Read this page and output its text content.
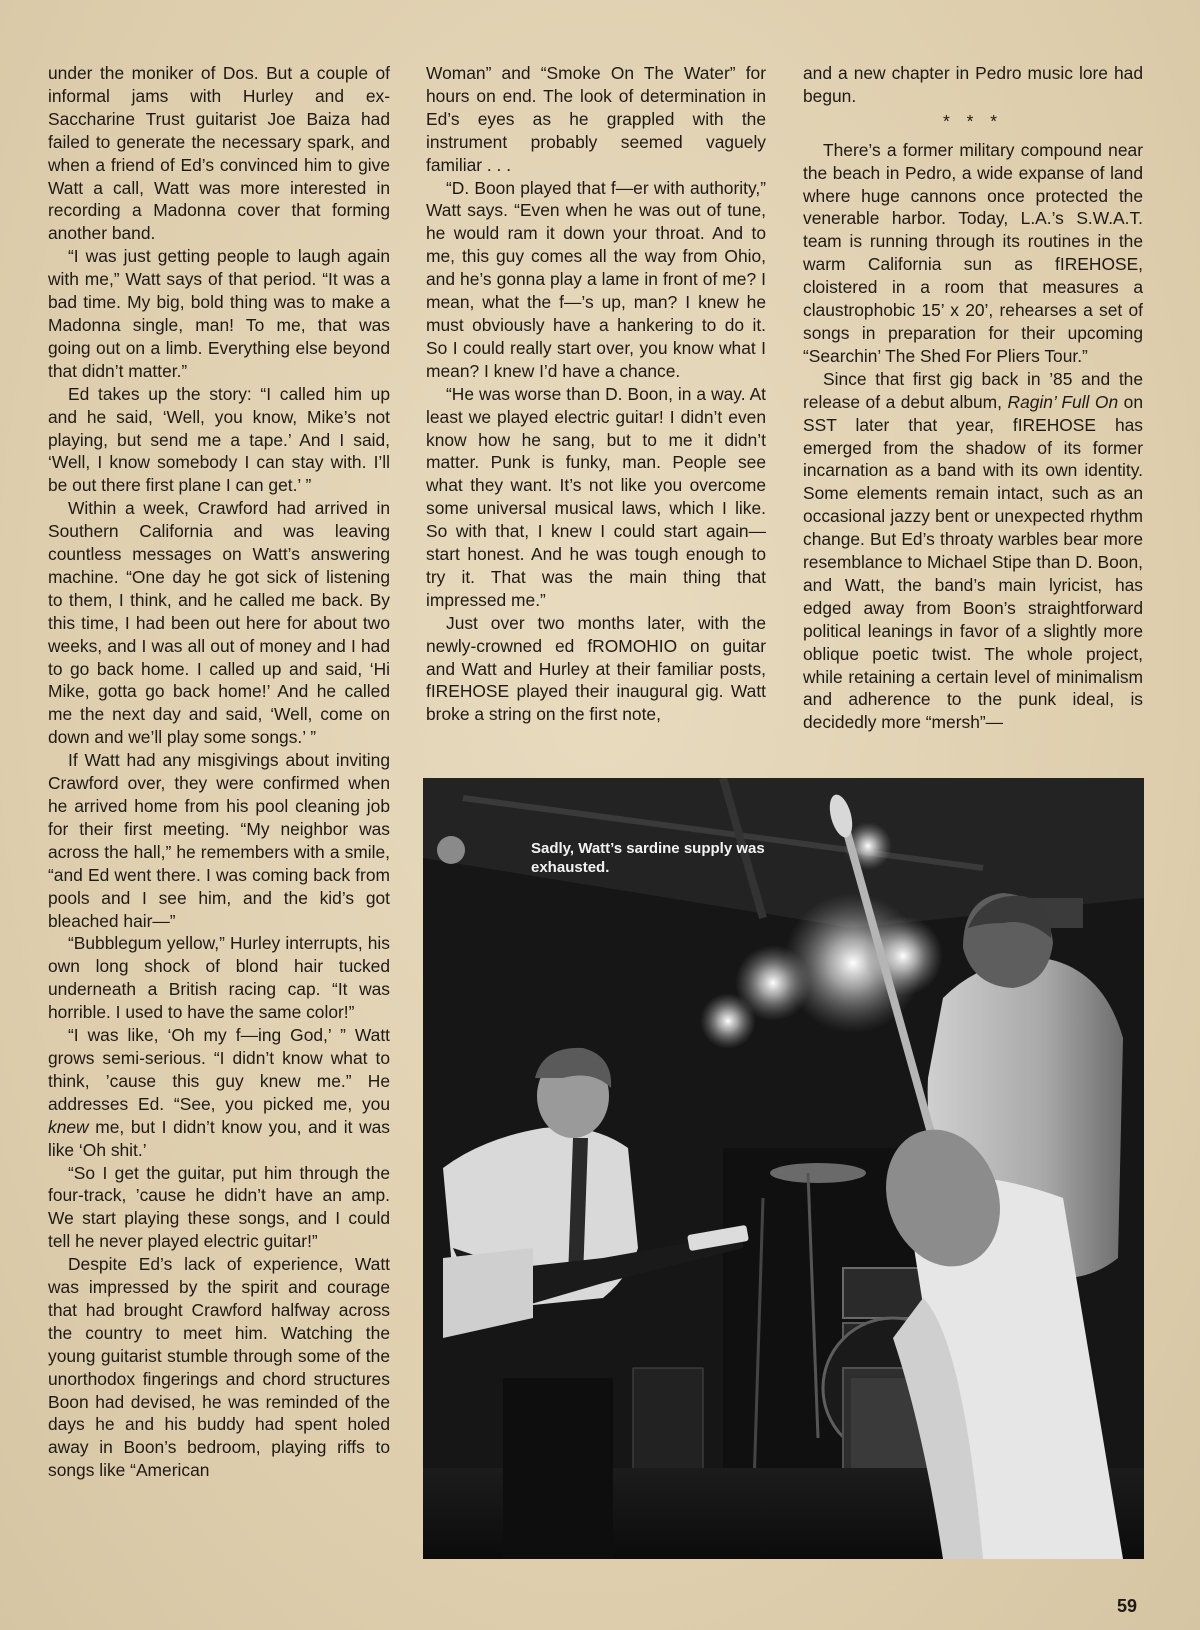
under the moniker of Dos. But a couple of informal jams with Hurley and ex-Saccharine Trust guitarist Joe Baiza had failed to generate the necessary spark, and when a friend of Ed’s convinced him to give Watt a call, Watt was more interested in recording a Madonna cover that forming another band.

“I was just getting people to laugh again with me,” Watt says of that period. “It was a bad time. My big, bold thing was to make a Madonna single, man! To me, that was going out on a limb. Everything else beyond that didn’t matter.”

Ed takes up the story: “I called him up and he said, ‘Well, you know, Mike’s not playing, but send me a tape.’ And I said, ‘Well, I know somebody I can stay with. I’ll be out there first plane I can get.’ ”

Within a week, Crawford had arrived in Southern California and was leaving countless messages on Watt’s answering machine. “One day he got sick of listening to them, I think, and he called me back. By this time, I had been out here for about two weeks, and I was all out of money and I had to go back home. I called up and said, ‘Hi Mike, gotta go back home!’ And he called me the next day and said, ‘Well, come on down and we’ll play some songs.’ ”

If Watt had any misgivings about inviting Crawford over, they were confirmed when he arrived home from his pool cleaning job for their first meeting. “My neighbor was across the hall,” he remembers with a smile, “and Ed went there. I was coming back from pools and I see him, and the kid’s got bleached hair—”

“Bubblegum yellow,” Hurley interrupts, his own long shock of blond hair tucked underneath a British racing cap. “It was horrible. I used to have the same color!”

“I was like, ‘Oh my f—ing God,’ ” Watt grows semi-serious. “I didn’t know what to think, ’cause this guy knew me.” He addresses Ed. “See, you picked me, you knew me, but I didn’t know you, and it was like ‘Oh shit.’

“So I get the guitar, put him through the four-track, ’cause he didn’t have an amp. We start playing these songs, and I could tell he never played electric guitar!”

Despite Ed’s lack of experience, Watt was impressed by the spirit and courage that had brought Crawford halfway across the country to meet him. Watching the young guitarist stumble through some of the unorthodox fingerings and chord structures Boon had devised, he was reminded of the days he and his buddy had spent holed away in Boon’s bedroom, playing riffs to songs like “American

Woman” and “Smoke On The Water” for hours on end. The look of determination in Ed’s eyes as he grappled with the instrument probably seemed vaguely familiar . . .

“D. Boon played that f—er with authority,” Watt says. “Even when he was out of tune, he would ram it down your throat. And to me, this guy comes all the way from Ohio, and he’s gonna play a lame in front of me? I mean, what the f—’s up, man? I knew he must obviously have a hankering to do it. So I could really start over, you know what I mean? I knew I’d have a chance.

“He was worse than D. Boon, in a way. At least we played electric guitar! I didn’t even know how he sang, but to me it didn’t matter. Punk is funky, man. People see what they want. It’s not like you overcome some universal musical laws, which I like. So with that, I knew I could start again—start honest. And he was tough enough to try it. That was the main thing that impressed me.”

Just over two months later, with the newly-crowned ed fROMOHIO on guitar and Watt and Hurley at their familiar posts, fIREHOSE played their inaugural gig. Watt broke a string on the first note,

and a new chapter in Pedro music lore had begun.

* * *

There’s a former military compound near the beach in Pedro, a wide expanse of land where huge cannons once protected the venerable harbor. Today, L.A.’s S.W.A.T. team is running through its routines in the warm California sun as fIREHOSE, cloistered in a room that measures a claustrophobic 15’ x 20’, rehearses a set of songs in preparation for their upcoming “Searchin’ The Shed For Pliers Tour.”

Since that first gig back in ’85 and the release of a debut album, Ragin’ Full On on SST later that year, fIREHOSE has emerged from the shadow of its former incarnation as a band with its own identity. Some elements remain intact, such as an occasional jazzy bent or unexpected rhythm change. But Ed’s throaty warbles bear more resemblance to Michael Stipe than D. Boon, and Watt, the band’s main lyricist, has edged away from Boon’s straightforward political leanings in favor of a slightly more oblique poetic twist. The whole project, while retaining a certain level of minimalism and adherence to the punk ideal, is decidedly more “mersh”—

Sadly, Watt’s sardine supply was exhausted.
59
